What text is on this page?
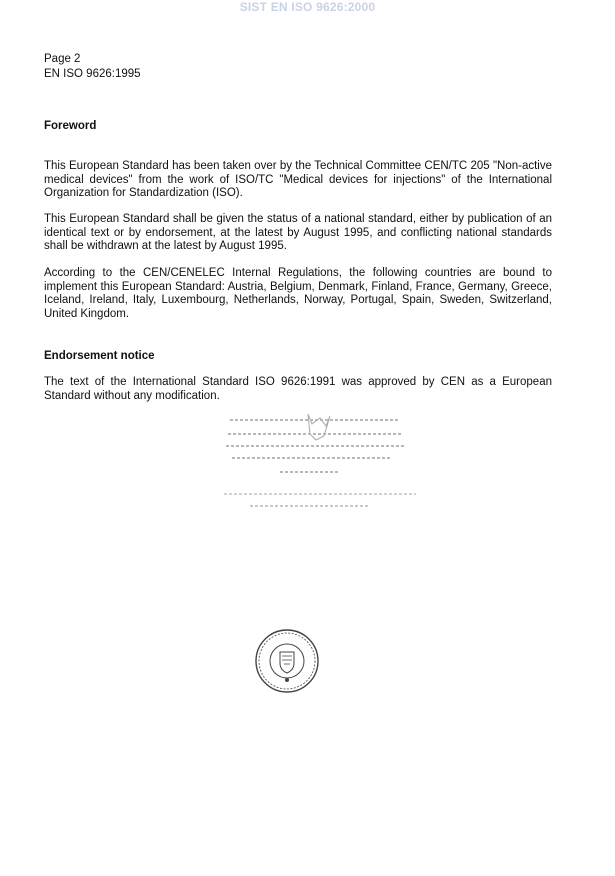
SIST EN ISO 9626:2000
Page 2
EN ISO 9626:1995
Foreword
This European Standard has been taken over by the Technical Committee CEN/TC 205 "Non-active medical devices" from the work of ISO/TC "Medical devices for injections" of the International Organization for Standardization (ISO).
This European Standard shall be given the status of a national standard, either by publication of an identical text or by endorsement, at the latest by August 1995, and conflicting national standards shall be withdrawn at the latest by August 1995.
According to the CEN/CENELEC Internal Regulations, the following countries are bound to implement this European Standard: Austria, Belgium, Denmark, Finland, France, Germany, Greece, Iceland, Ireland, Italy, Luxembourg, Netherlands, Norway, Portugal, Spain, Sweden, Switzerland, United Kingdom.
Endorsement notice
The text of the International Standard ISO 9626:1991 was approved by CEN as a European Standard without any modification.
